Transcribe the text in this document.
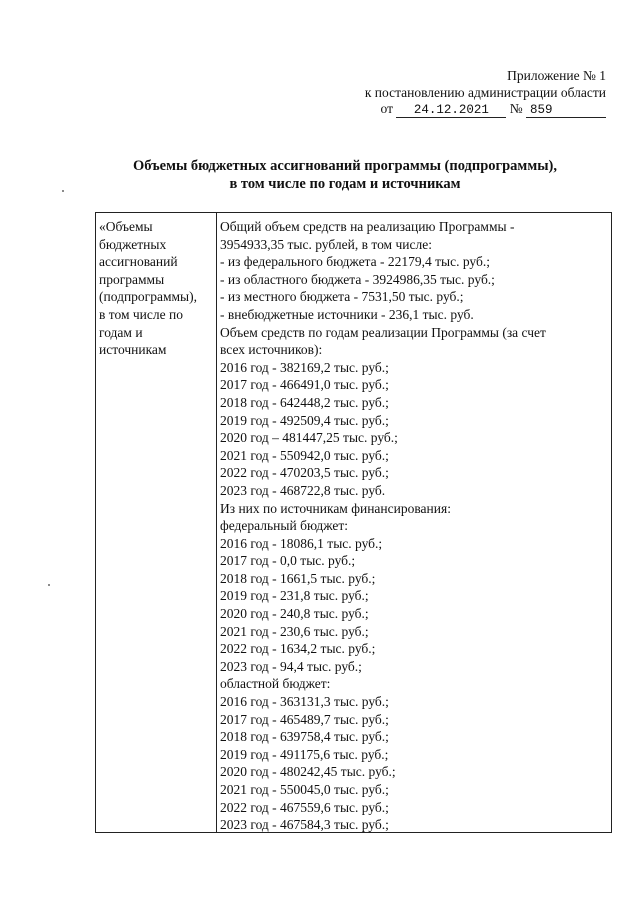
Приложение № 1
к постановлению администрации области
от 24.12.2021 № 859
Объемы бюджетных ассигнований программы (подпрограммы),
в том числе по годам и источникам
«Объемы
бюджетных
ассигнований
программы
(подпрограммы),
в том числе по
годам и
источникам
Общий объем средств на реализацию Программы -
3954933,35 тыс. рублей, в том числе:
- из федерального бюджета - 22179,4 тыс. руб.;
- из областного бюджета - 3924986,35 тыс. руб.;
- из местного бюджета - 7531,50 тыс. руб.;
- внебюджетные источники - 236,1 тыс. руб.
Объем средств по годам реализации Программы (за счет
всех источников):
2016 год - 382169,2 тыс. руб.;
2017 год - 466491,0 тыс. руб.;
2018 год - 642448,2 тыс. руб.;
2019 год - 492509,4 тыс. руб.;
2020 год – 481447,25 тыс. руб.;
2021 год - 550942,0 тыс. руб.;
2022 год - 470203,5 тыс. руб.;
2023 год - 468722,8 тыс. руб.
Из них по источникам финансирования:
федеральный бюджет:
2016 год - 18086,1 тыс. руб.;
2017 год - 0,0 тыс. руб.;
2018 год - 1661,5 тыс. руб.;
2019 год - 231,8 тыс. руб.;
2020 год - 240,8 тыс. руб.;
2021 год - 230,6 тыс. руб.;
2022 год - 1634,2 тыс. руб.;
2023 год - 94,4 тыс. руб.;
областной бюджет:
2016 год - 363131,3 тыс. руб.;
2017 год - 465489,7 тыс. руб.;
2018 год - 639758,4 тыс. руб.;
2019 год - 491175,6 тыс. руб.;
2020 год - 480242,45 тыс. руб.;
2021 год - 550045,0 тыс. руб.;
2022 год - 467559,6 тыс. руб.;
2023 год - 467584,3 тыс. руб.;
